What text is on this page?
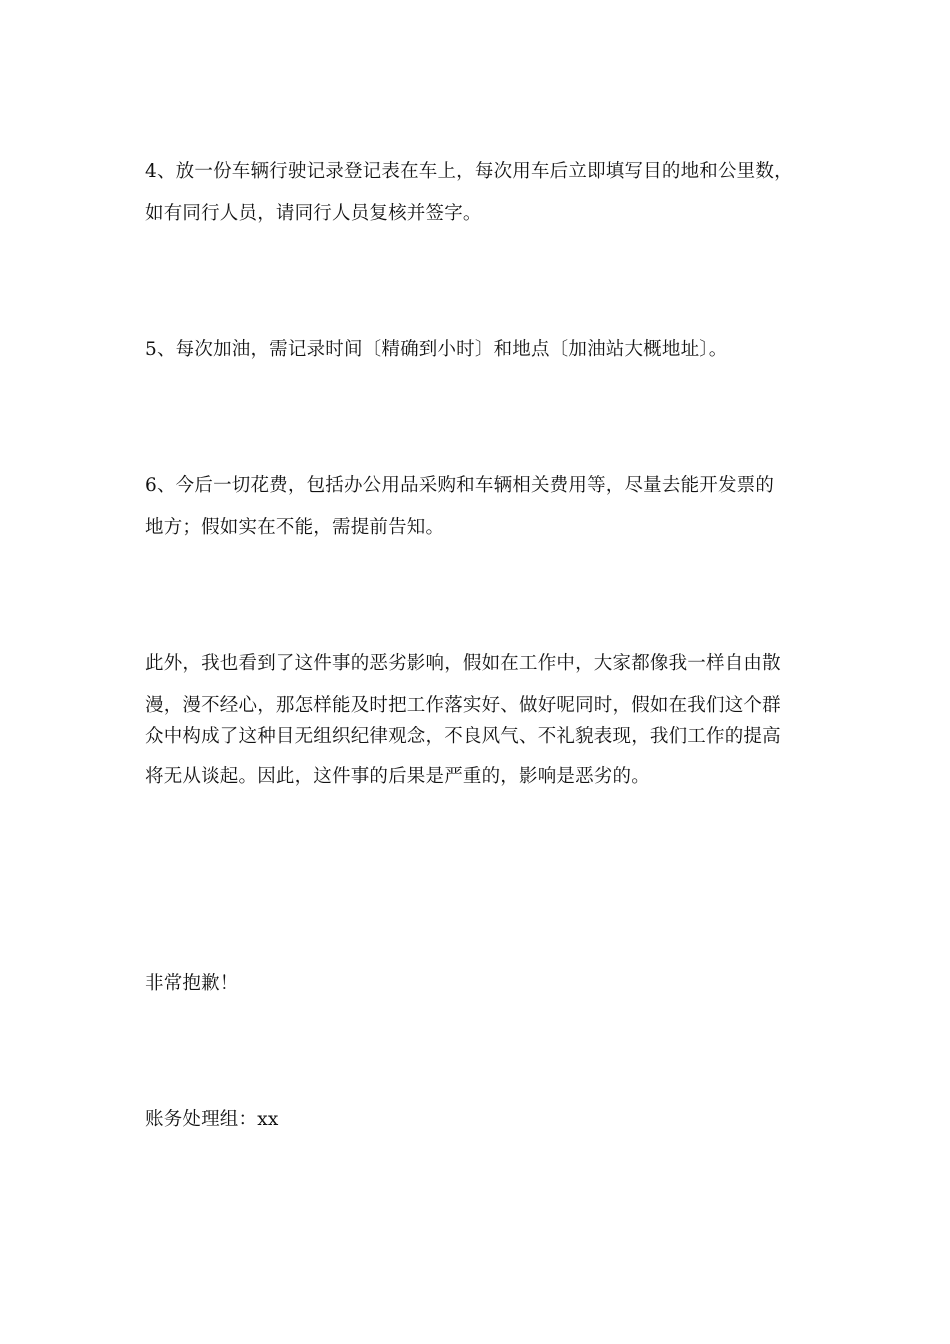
4、放一份车辆行驶记录登记表在车上，每次用车后立即填写目的地和公里数，
如有同行人员，请同行人员复核并签字。
5、每次加油，需记录时间〔精确到小时〕和地点〔加油站大概地址〕。
6、今后一切花费，包括办公用品采购和车辆相关费用等，尽量去能开发票的
地方；假如实在不能，需提前告知。
此外，我也看到了这件事的恶劣影响，假如在工作中，大家都像我一样自由散
漫，漫不经心，那怎样能及时把工作落实好、做好呢同时，假如在我们这个群
众中构成了这种目无组织纪律观念，不良风气、不礼貌表现，我们工作的提高
将无从谈起。因此，这件事的后果是严重的，影响是恶劣的。
非常抱歉！
账务处理组：xx
